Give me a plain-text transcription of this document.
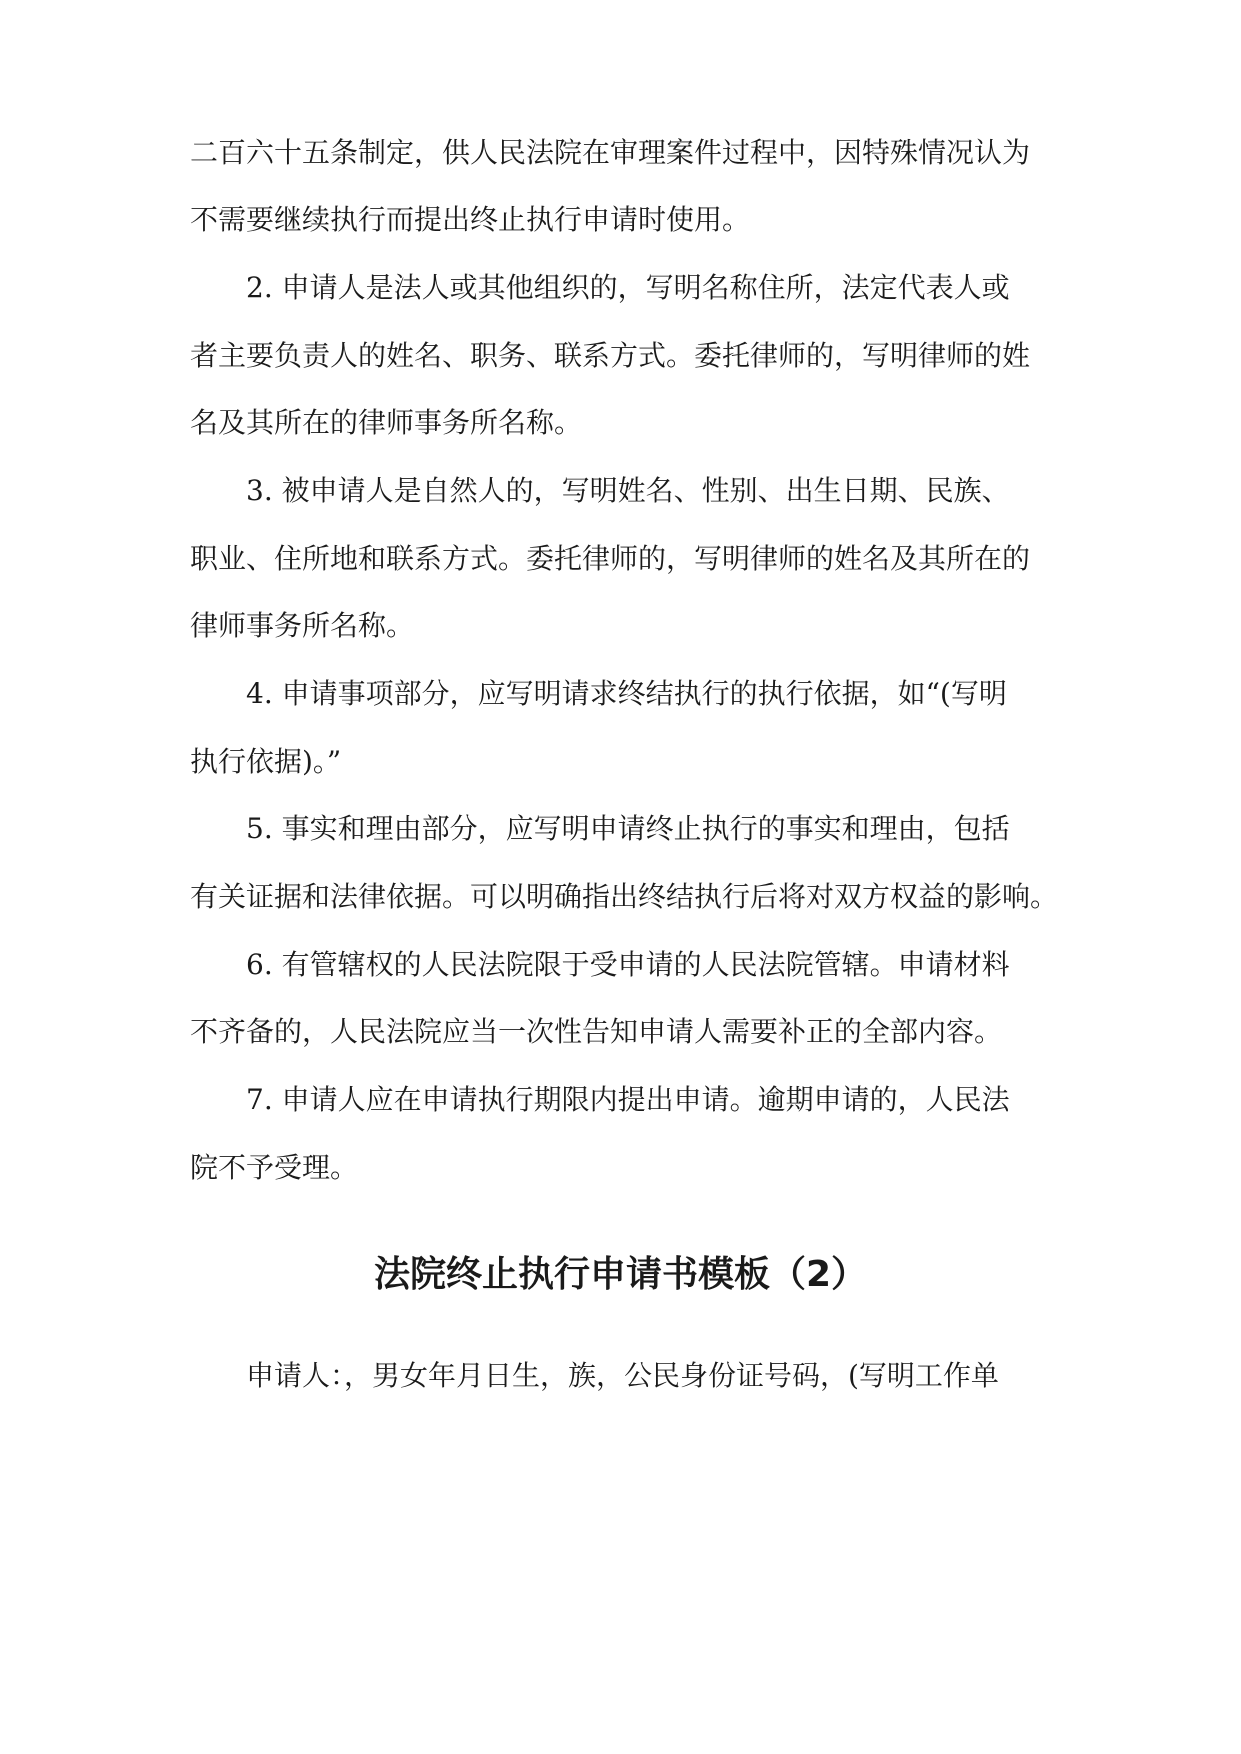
二百六十五条制定，供人民法院在审理案件过程中，因特殊情况认为
不需要继续执行而提出终止执行申请时使用。
　　2. 申请人是法人或其他组织的，写明名称住所，法定代表人或
者主要负责人的姓名、职务、联系方式。委托律师的，写明律师的姓
名及其所在的律师事务所名称。
　　3. 被申请人是自然人的，写明姓名、性别、出生日期、民族、
职业、住所地和联系方式。委托律师的，写明律师的姓名及其所在的
律师事务所名称。
　　4. 申请事项部分，应写明请求终结执行的执行依据，如“(写明
执行依据)。”
　　5. 事实和理由部分，应写明申请终止执行的事实和理由，包括
有关证据和法律依据。可以明确指出终结执行后将对双方权益的影响。
　　6. 有管辖权的人民法院限于受申请的人民法院管辖。申请材料
不齐备的，人民法院应当一次性告知申请人需要补正的全部内容。
　　7. 申请人应在申请执行期限内提出申请。逾期申请的，人民法
院不予受理。
法院终止执行申请书模板（2）
　　申请人：，男女年月日生，族，公民身份证号码，(写明工作单
